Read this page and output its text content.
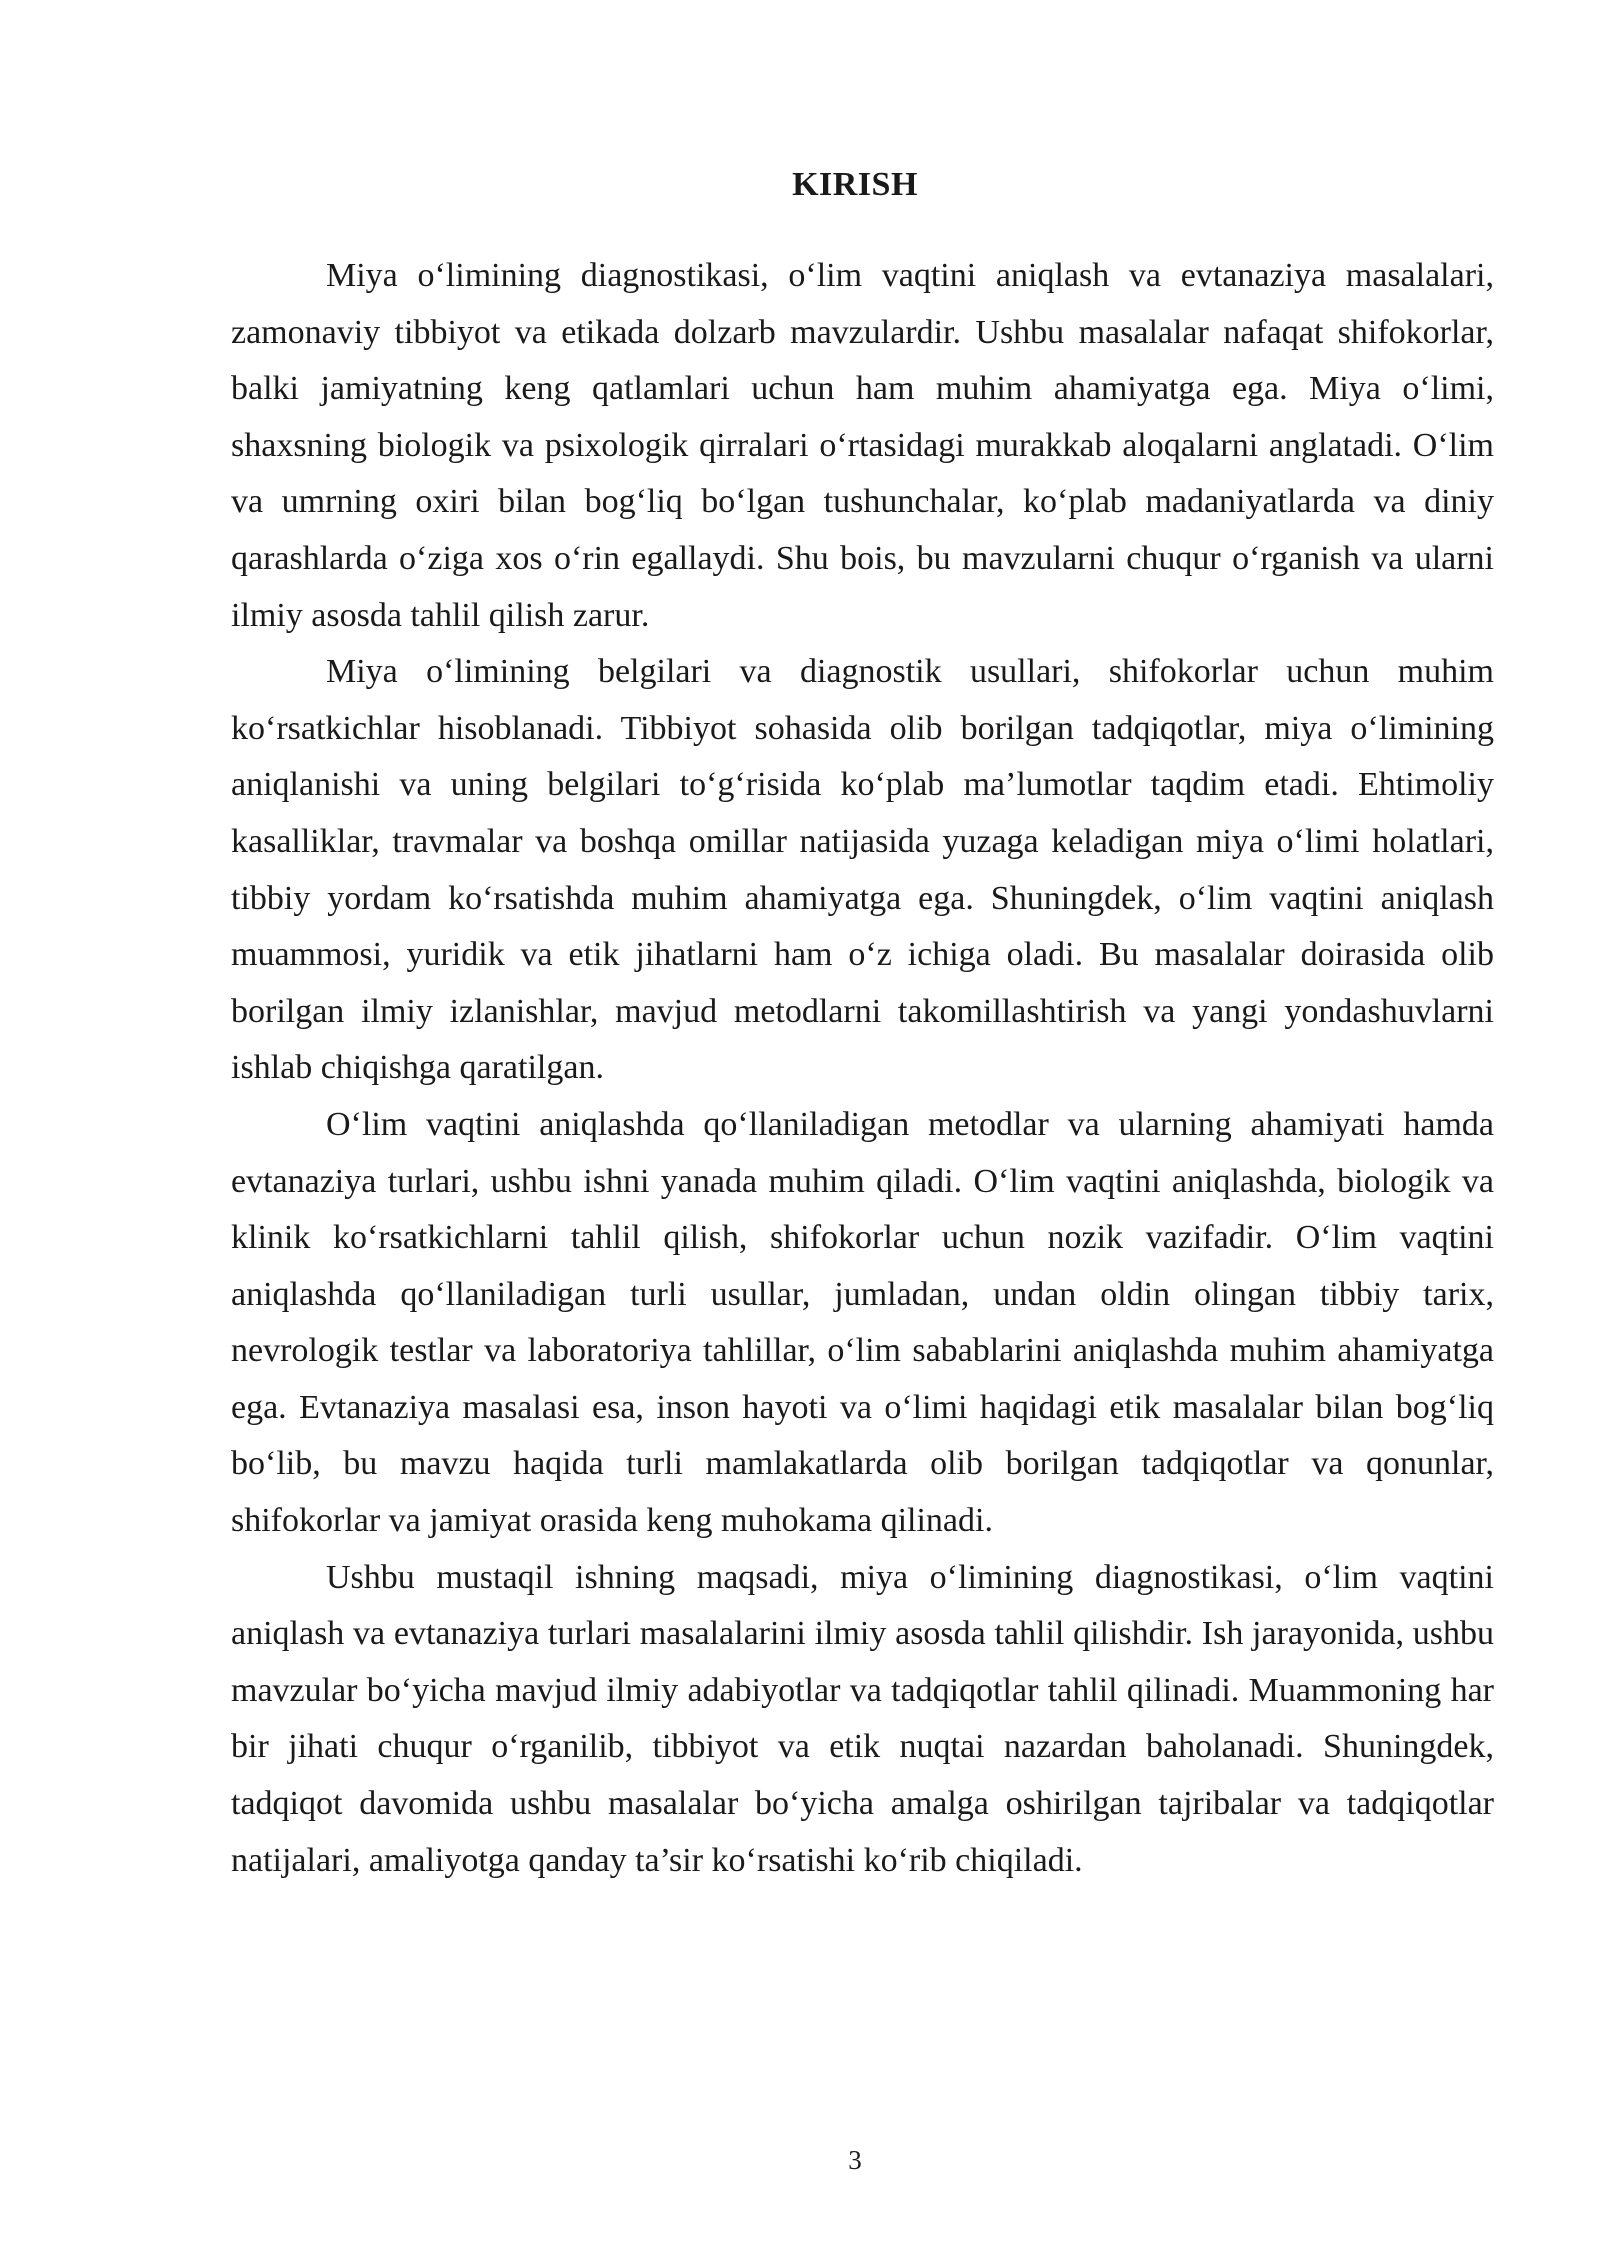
KIRISH

Miya o‘limining diagnostikasi, o‘lim vaqtini aniqlash va evtanaziya masalalari, zamonaviy tibbiyot va etikada dolzarb mavzulardir. Ushbu masalalar nafaqat shifokorlar, balki jamiyatning keng qatlamlari uchun ham muhim ahamiyatga ega. Miya o‘limi, shaxsning biologik va psixologik qirralari o‘rtasidagi murakkab aloqalarni anglatadi. O‘lim va umrning oxiri bilan bog‘liq bo‘lgan tushunchalar, ko‘plab madaniyatlarda va diniy qarashlarda o‘ziga xos o‘rin egallaydi. Shu bois, bu mavzularni chuqur o‘rganish va ularni ilmiy asosda tahlil qilish zarur.

Miya o‘limining belgilari va diagnostik usullari, shifokorlar uchun muhim ko‘rsatkichlar hisoblanadi. Tibbiyot sohasida olib borilgan tadqiqotlar, miya o‘limining aniqlanishi va uning belgilari to‘g‘risida ko‘plab ma’lumotlar taqdim etadi. Ehtimoliy kasalliklar, travmalar va boshqa omillar natijasida yuzaga keladigan miya o‘limi holatlari, tibbiy yordam ko‘rsatishda muhim ahamiyatga ega. Shuningdek, o‘lim vaqtini aniqlash muammosi, yuridik va etik jihatlarni ham o‘z ichiga oladi. Bu masalalar doirasida olib borilgan ilmiy izlanishlar, mavjud metodlarni takomillashtirish va yangi yondashuvlarni ishlab chiqishga qaratilgan.

O‘lim vaqtini aniqlashda qo‘llaniladigan metodlar va ularning ahamiyati hamda evtanaziya turlari, ushbu ishni yanada muhim qiladi. O‘lim vaqtini aniqlashda, biologik va klinik ko‘rsatkichlarni tahlil qilish, shifokorlar uchun nozik vazifadir. O‘lim vaqtini aniqlashda qo‘llaniladigan turli usullar, jumladan, undan oldin olingan tibbiy tarix, nevrologik testlar va laboratoriya tahlillar, o‘lim sabablarini aniqlashda muhim ahamiyatga ega. Evtanaziya masalasi esa, inson hayoti va o‘limi haqidagi etik masalalar bilan bog‘liq bo‘lib, bu mavzu haqida turli mamlakatlarda olib borilgan tadqiqotlar va qonunlar, shifokorlar va jamiyat orasida keng muhokama qilinadi.

Ushbu mustaqil ishning maqsadi, miya o‘limining diagnostikasi, o‘lim vaqtini aniqlash va evtanaziya turlari masalalarini ilmiy asosda tahlil qilishdir. Ish jarayonida, ushbu mavzular bo‘yicha mavjud ilmiy adabiyotlar va tadqiqotlar tahlil qilinadi. Muammoning har bir jihati chuqur o‘rganilib, tibbiyot va etik nuqtai nazardan baholanadi. Shuningdek, tadqiqot davomida ushbu masalalar bo‘yicha amalga oshirilgan tajribalar va tadqiqotlar natijalari, amaliyotga qanday ta’sir ko‘rsatishi ko‘rib chiqiladi.

3
